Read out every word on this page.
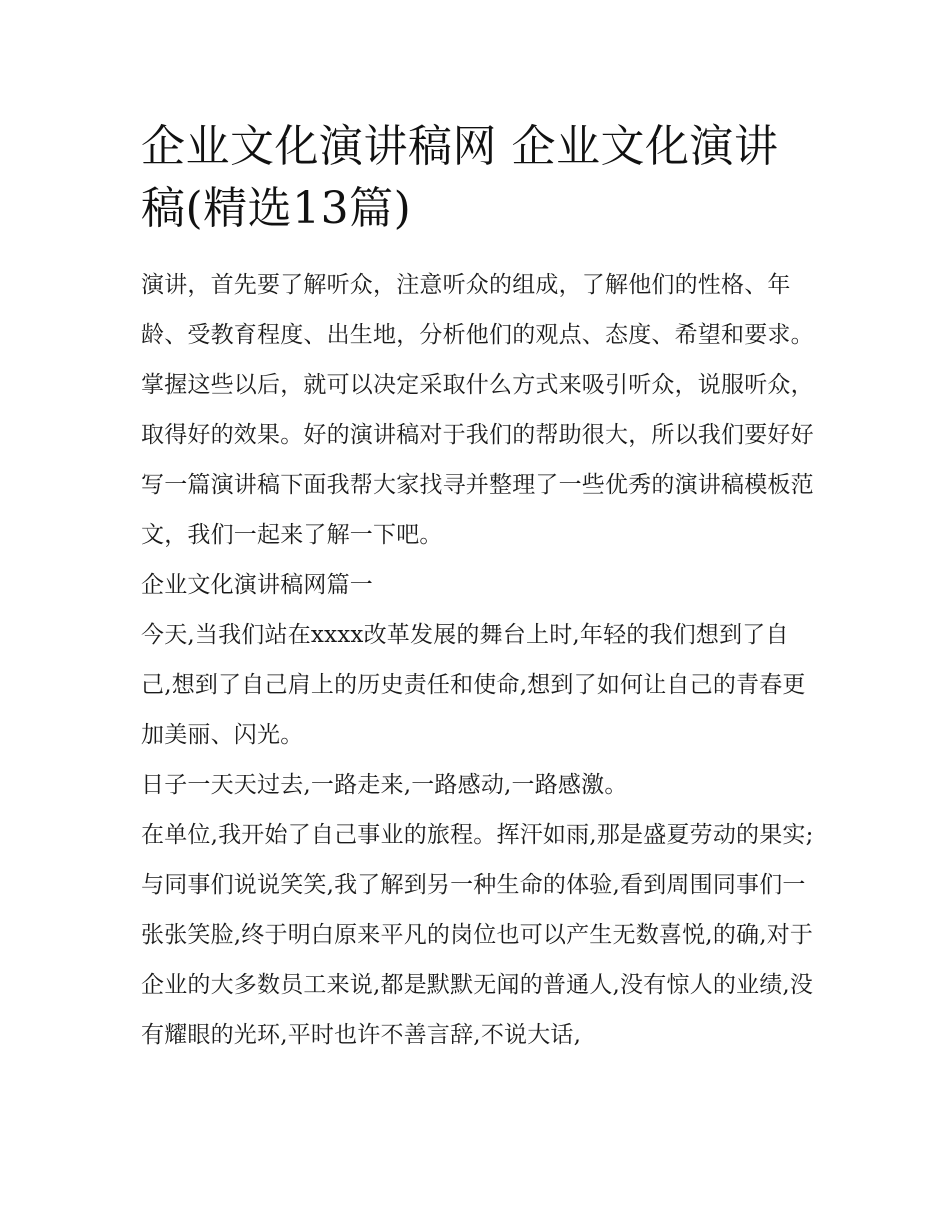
企业文化演讲稿网 企业文化演讲稿(精选13篇)

演讲，首先要了解听众，注意听众的组成，了解他们的性格、年龄、受教育程度、出生地，分析他们的观点、态度、希望和要求。掌握这些以后，就可以决定采取什么方式来吸引听众，说服听众，取得好的效果。好的演讲稿对于我们的帮助很大，所以我们要好好写一篇演讲稿下面我帮大家找寻并整理了一些优秀的演讲稿模板范文，我们一起来了解一下吧。

企业文化演讲稿网篇一

今天,当我们站在xxxx改革发展的舞台上时,年轻的我们想到了自己,想到了自己肩上的历史责任和使命,想到了如何让自己的青春更加美丽、闪光。

日子一天天过去,一路走来,一路感动,一路感激。

在单位,我开始了自己事业的旅程。挥汗如雨,那是盛夏劳动的果实;与同事们说说笑笑,我了解到另一种生命的体验,看到周围同事们一张张笑脸,终于明白原来平凡的岗位也可以产生无数喜悦,的确,对于企业的大多数员工来说,都是默默无闻的普通人,没有惊人的业绩,没有耀眼的光环,平时也许不善言辞,不说大话,
